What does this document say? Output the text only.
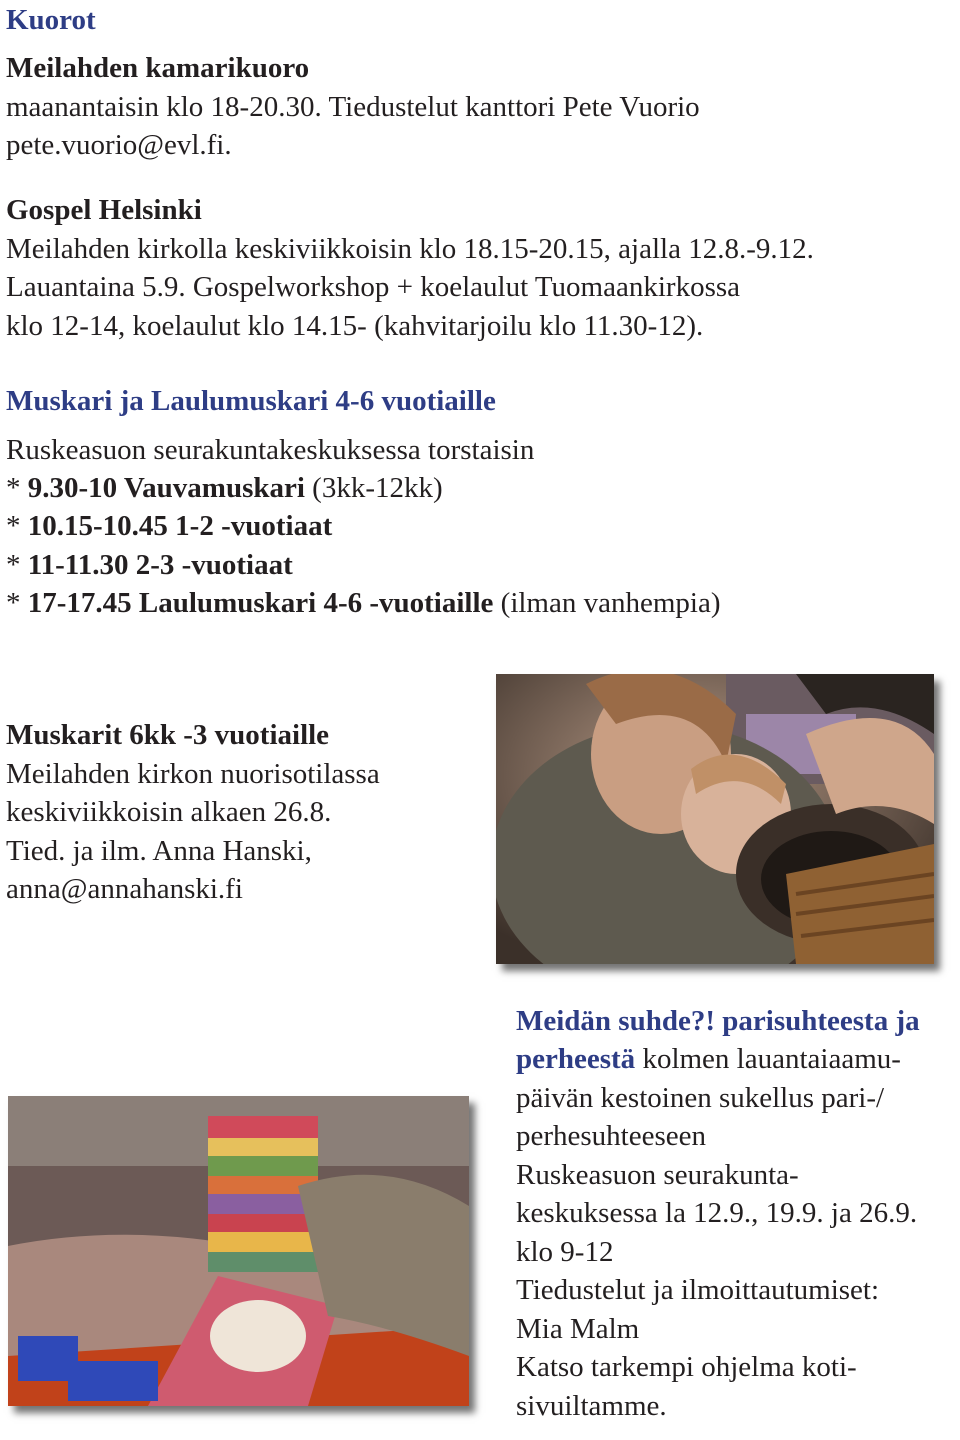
Kuorot
Meilahden kamarikuoro
maanantaisin klo 18-20.30. Tiedustelut kanttori Pete Vuorio
pete.vuorio@evl.fi.
Gospel Helsinki
Meilahden kirkolla keskiviikkoisin klo 18.15-20.15, ajalla 12.8.-9.12.
Lauantaina 5.9. Gospelworkshop + koelaulut Tuomaankirkossa
klo 12-14, koelaulut klo 14.15- (kahvitarjoilu klo 11.30-12).
Muskari ja Laulumuskari 4-6 vuotiaille
Ruskeasuon seurakuntakeskuksessa torstaisin
* 9.30-10 Vauvamuskari (3kk-12kk)
* 10.15-10.45 1-2 -vuotiaat
* 11-11.30 2-3 -vuotiaat
* 17-17.45 Laulumuskari 4-6 -vuotiaille (ilman vanhempia)
Muskarit 6kk -3 vuotiaille
Meilahden kirkon nuorisotilassa
keskiviikkoisin alkaen 26.8.
Tied. ja ilm. Anna Hanski,
anna@annahanski.fi
Meidän suhde?! parisuhteesta ja
perheestä kolmen lauantaiaamu-
päivän kestoinen sukellus pari-/
perhesuhteeseen
Ruskeasuon seurakunta-
keskuksessa la 12.9., 19.9. ja 26.9.
klo 9-12
Tiedustelut ja ilmoittautumiset:
Mia Malm
Katso tarkempi ohjelma koti-
sivuiltamme.
